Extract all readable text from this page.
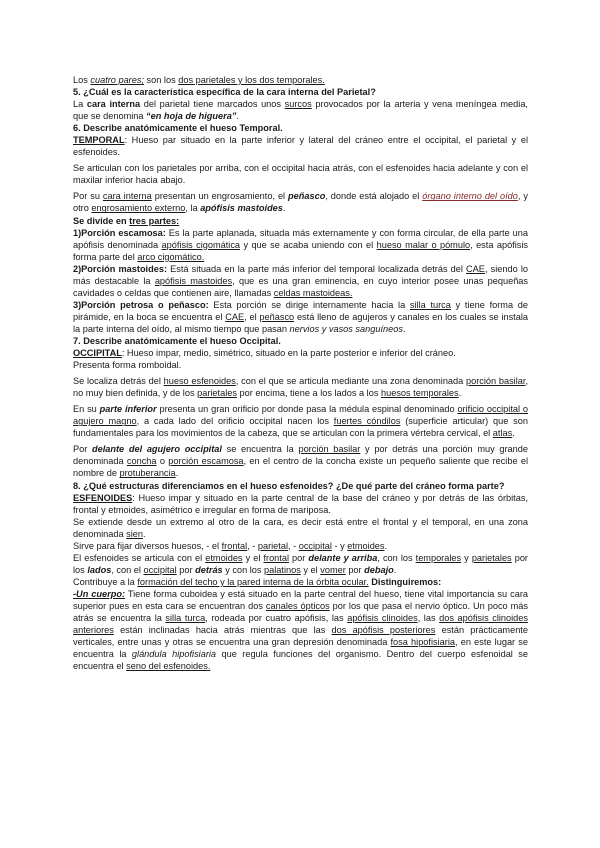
Los cuatro pares; son los dos parietales y los dos temporales.

5. ¿Cuál es la característica específica de la cara interna del Parietal?

La cara interna del parietal tiene marcados unos surcos provocados por la arteria y vena meníngea media, que se denomina “en hoja de higuera”.

6. Describe anatómicamente el hueso Temporal.

TEMPORAL: Hueso par situado en la parte inferior y lateral del cráneo entre el occipital, el parietal y el esfenoides.

Se articulan con los parietales por arriba, con el occipital hacia atrás, con el esfenoides hacia adelante y con el maxilar inferior hacia abajo.

Por su cara interna presentan un engrosamiento, el peñasco, donde está alojado el órgano interno del oído, y otro engrosamiento externo, la apófisis mastoides.

Se divide en tres partes:

1)Porción escamosa: Es la parte aplanada, situada más externamente y con forma circular, de ella parte una apófisis denominada apófisis cigomática y que se acaba uniendo con el hueso malar o pómulo, esta apófisis forma parte del arco cigomático.

2)Porción mastoides: Está situada en la parte más inferior del temporal localizada detrás del CAE, siendo lo más destacable la apófisis mastoides, que es una gran eminencia, en cuyo interior posee unas pequeñas cavidades o celdas que contienen aire, llamadas celdas mastoideas.

3)Porción petrosa o peñasco: Esta porción se dirige internamente hacia la silla turca y tiene forma de pirámide, en la boca se encuentra el CAE, el peñasco está lleno de agujeros y canales en los cuales se instala la parte interna del oído, al mismo tiempo que pasan nervios y vasos sanguíneos.

7. Describe anatómicamente el hueso Occipital.

OCCIPITAL: Hueso impar, medio, simétrico, situado en la parte posterior e inferior del cráneo.

Presenta forma romboidal.

Se localiza detrás del hueso esfenoides, con el que se articula mediante una zona denominada porción basilar, no muy bien definida, y de los parietales por encima, tiene a los lados a los huesos temporales.

En su parte inferior presenta un gran orificio por donde pasa la médula espinal denominado orificio occipital o agujero magno, a cada lado del orificio occipital nacen los fuertes cóndilos (superficie articular) que son fundamentales para los movimientos de la cabeza, que se articulan con la primera vértebra cervical, el atlas.

Por delante del agujero occipital se encuentra la porción basilar y por detrás una porción muy grande denominada concha o porción escamosa, en el centro de la concha existe un pequeño saliente que recibe el nombre de protuberancia.

8. ¿Qué estructuras diferenciamos en el hueso esfenoides? ¿De qué parte del cráneo forma parte?

ESFENOIDES: Hueso impar y situado en la parte central de la base del cráneo y por detrás de las órbitas, frontal y etmoides, asimétrico e irregular en forma de mariposa.

Se extiende desde un extremo al otro de la cara, es decir está entre el frontal y el temporal, en una zona denominada sien.

Sirve para fijar diversos huesos, - el frontal, - parietal, - occipital - y etmoides.

El esfenoides se articula con el etmoides y el frontal por delante y arriba, con los temporales y parietales por los lados, con el occipital por detrás y con los palatinos y el vomer por debajo.

Contribuye a la formación del techo y la pared interna de la órbita ocular. Distinguiremos:

-Un cuerpo: Tiene forma cuboidea y está situado en la parte central del hueso, tiene vital importancia su cara superior pues en esta cara se encuentran dos canales ópticos por los que pasa el nervio óptico. Un poco más atrás se encuentra la silla turca, rodeada por cuatro apófisis, las apófisis clinoides, las dos apófisis clinoides anteriores están inclinadas hacia atrás mientras que las dos apófisis posteriores están prácticamente verticales, entre unas y otras se encuentra una gran depresión denominada fosa hipofisiaria, en este lugar se encuentra la glándula hipofisiaria que regula funciones del organismo. Dentro del cuerpo esfenoidal se encuentra el seno del esfenoides.
